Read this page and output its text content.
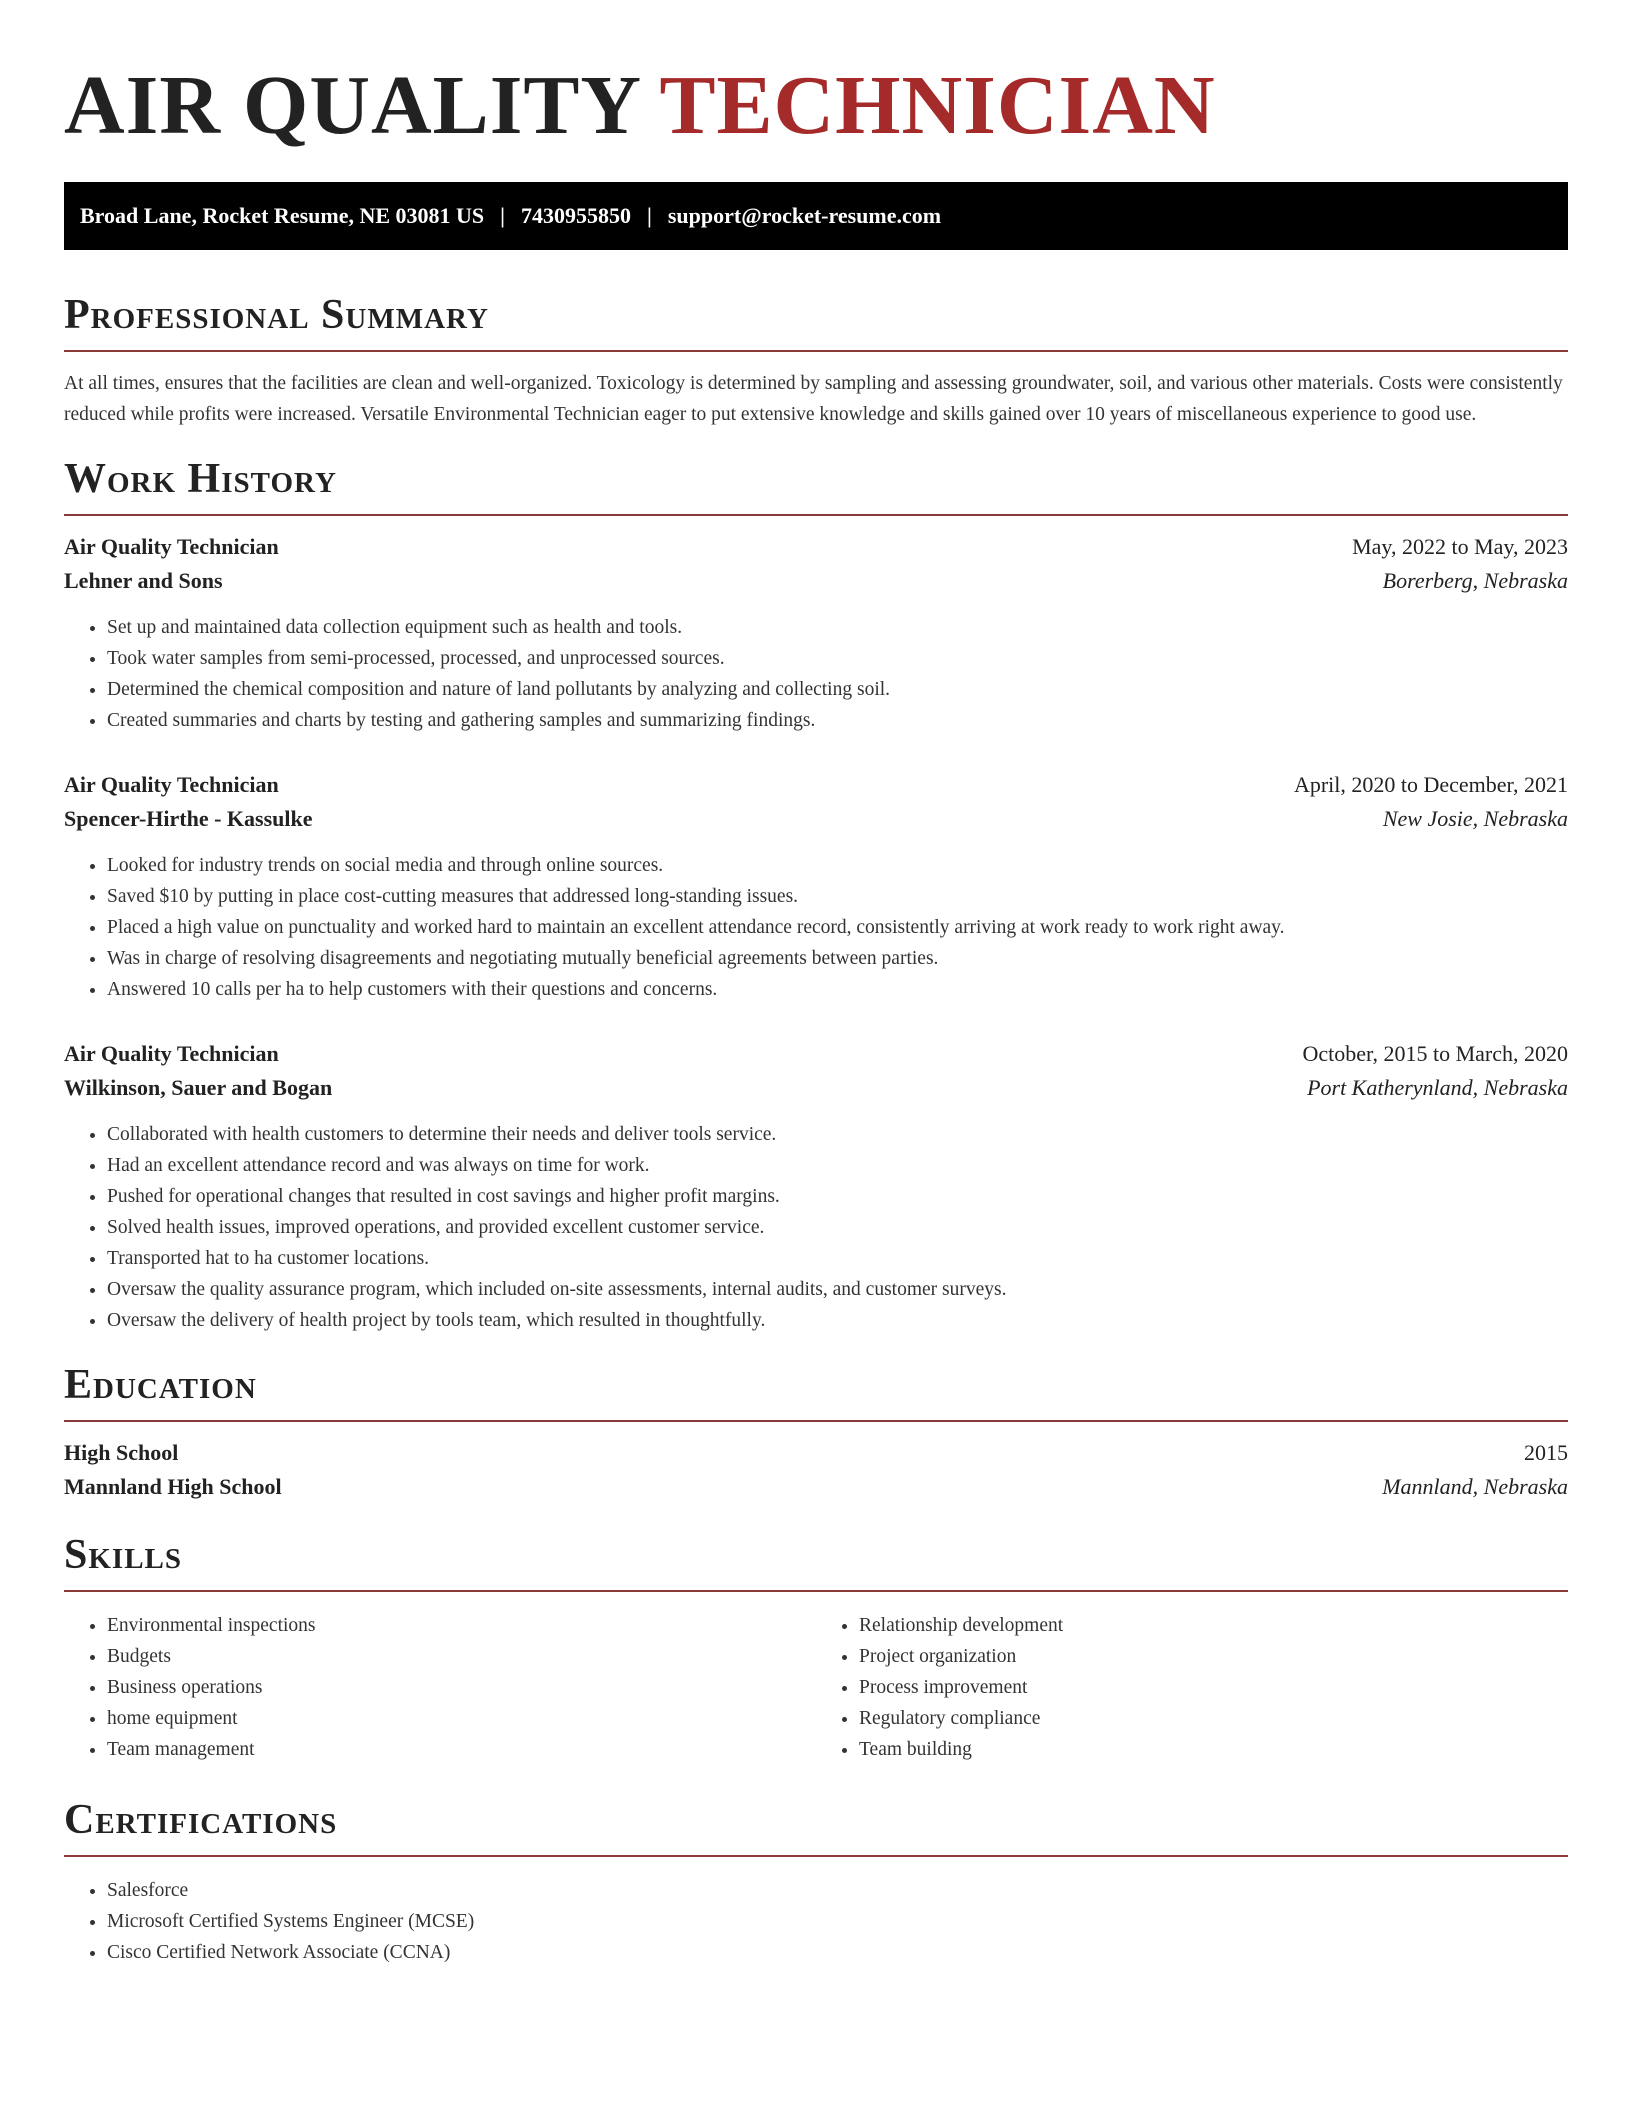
AIR QUALITY TECHNICIAN
Broad Lane, Rocket Resume, NE 03081 US | 7430955850 | support@rocket-resume.com
Professional Summary

At all times, ensures that the facilities are clean and well-organized. Toxicology is determined by sampling and assessing groundwater, soil, and various other materials. Costs were consistently reduced while profits were increased. Versatile Environmental Technician eager to put extensive knowledge and skills gained over 10 years of miscellaneous experience to good use.

Work History
Air Quality Technician	May, 2022 to May, 2023
Lehner and Sons	Borerberg, Nebraska
• Set up and maintained data collection equipment such as health and tools.
• Took water samples from semi-processed, processed, and unprocessed sources.
• Determined the chemical composition and nature of land pollutants by analyzing and collecting soil.
• Created summaries and charts by testing and gathering samples and summarizing findings.
Air Quality Technician	April, 2020 to December, 2021
Spencer-Hirthe - Kassulke	New Josie, Nebraska
• Looked for industry trends on social media and through online sources.
• Saved $10 by putting in place cost-cutting measures that addressed long-standing issues.
• Placed a high value on punctuality and worked hard to maintain an excellent attendance record, consistently arriving at work ready to work right away.
• Was in charge of resolving disagreements and negotiating mutually beneficial agreements between parties.
• Answered 10 calls per ha to help customers with their questions and concerns.
Air Quality Technician	October, 2015 to March, 2020
Wilkinson, Sauer and Bogan	Port Katherynland, Nebraska
• Collaborated with health customers to determine their needs and deliver tools service.
• Had an excellent attendance record and was always on time for work.
• Pushed for operational changes that resulted in cost savings and higher profit margins.
• Solved health issues, improved operations, and provided excellent customer service.
• Transported hat to ha customer locations.
• Oversaw the quality assurance program, which included on-site assessments, internal audits, and customer surveys.
• Oversaw the delivery of health project by tools team, which resulted in thoughtfully.
Education
High School	2015
Mannland High School	Mannland, Nebraska
Skills
• Environmental inspections
• Budgets
• Business operations
• home equipment
• Team management
• Relationship development
• Project organization
• Process improvement
• Regulatory compliance
• Team building
Certifications
• Salesforce
• Microsoft Certified Systems Engineer (MCSE)
• Cisco Certified Network Associate (CCNA)
